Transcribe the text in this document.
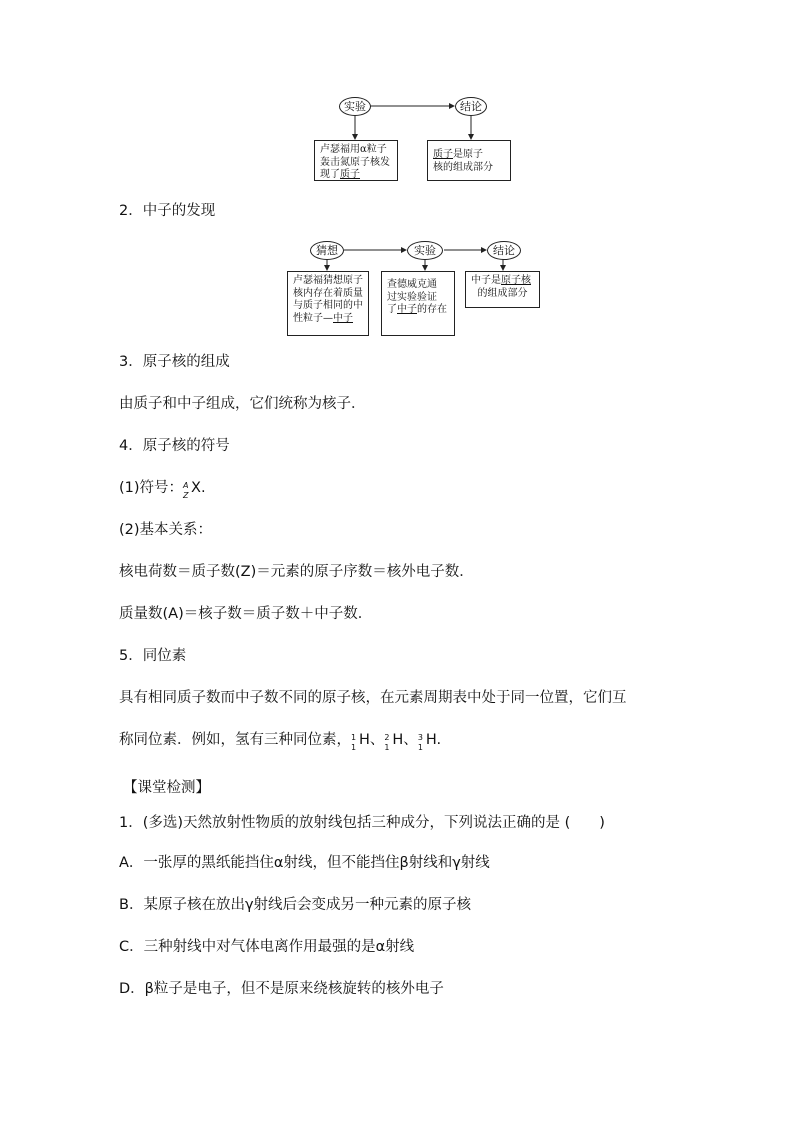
实验	结论
卢瑟福用α粒子
轰击氮原子核发
现了质子
质子是原子
核的组成部分
2．中子的发现
猜想	实验	结论
卢瑟福猜想原子
核内存在着质量
与质子相同的中
性粒子—中子
查德威克通
过实验验证
了中子的存在
中子是原子核
的组成部分
3．原子核的组成
由质子和中子组成，它们统称为核子．
4．原子核的符号
(1)符号： A
Z X.
(2)基本关系：
核电荷数＝质子数(Z)＝元素的原子序数＝核外电子数．
质量数(A)＝核子数＝质子数＋中子数．
5．同位素
具有相同质子数而中子数不同的原子核，在元素周期表中处于同一位置，它们互
称同位素．例如，氢有三种同位素， 1
1 H、 2
1 H、 3
1 H.
【课堂检测】
1．(多选)天然放射性物质的放射线包括三种成分，下列说法正确的是 (　　)
A．一张厚的黑纸能挡住α射线，但不能挡住β射线和γ射线
B．某原子核在放出γ射线后会变成另一种元素的原子核
C．三种射线中对气体电离作用最强的是α射线
D．β粒子是电子，但不是原来绕核旋转的核外电子
